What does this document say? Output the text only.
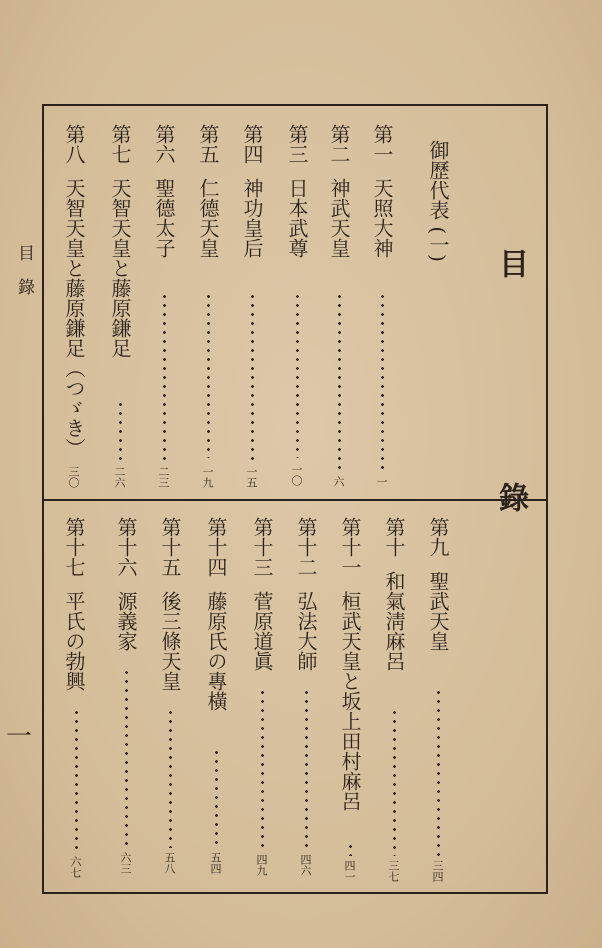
目　　錄
御歷代表 (一)
第一天照大神
第二神武天皇
第三日本武尊
第四神功皇后
第五仁德天皇
第六聖德太子
第七天智天皇と藤原鎌足
第八天智天皇と藤原鎌足（つゞき）
一
六
一〇
一五
一九
二三
二六
三〇
第九聖武天皇
第十和氣淸麻呂
第十一桓武天皇と坂上田村麻呂
第十二弘法大師
第十三菅原道眞
第十四藤原氏の專橫
第十五後三條天皇
第十六源義家
第十七平氏の勃興
三四
三七
四一
四六
四九
五四
五八
六三
六七
目　錄
一
